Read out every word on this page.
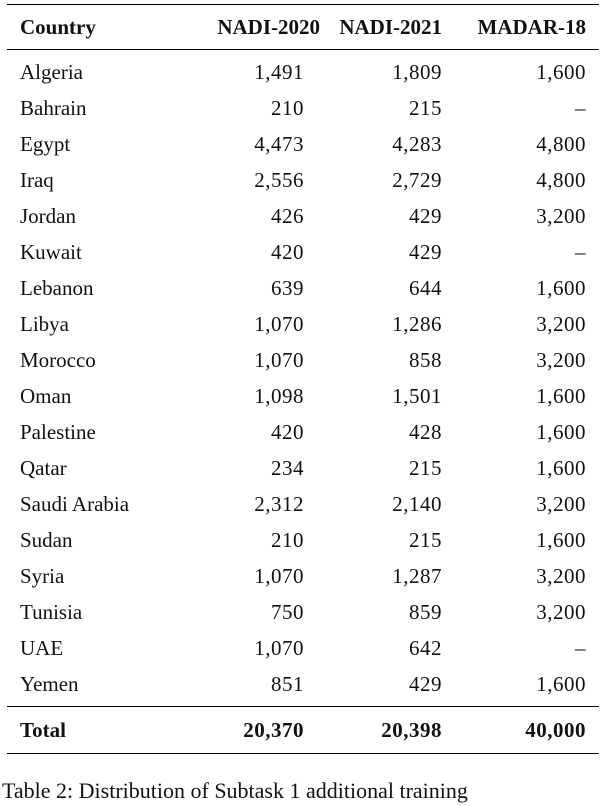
Country	NADI-2020 NADI-2021 MADAR-18
Algeria	1,491	1,809	1,600
Bahrain	210	215	–
Egypt	4,473	4,283	4,800
Iraq	2,556	2,729	4,800
Jordan	426	429	3,200
Kuwait	420	429	–
Lebanon	639	644	1,600
Libya	1,070	1,286	3,200
Morocco	1,070	858	3,200
Oman	1,098	1,501	1,600
Palestine	420	428	1,600
Qatar	234	215	1,600
Saudi Arabia	2,312	2,140	3,200
Sudan	210	215	1,600
Syria	1,070	1,287	3,200
Tunisia	750	859	3,200
UAE	1,070	642	–
Yemen	851	429	1,600
Total	20,370	20,398	40,000
Table 2: Distribution of Subtask 1 additional training
